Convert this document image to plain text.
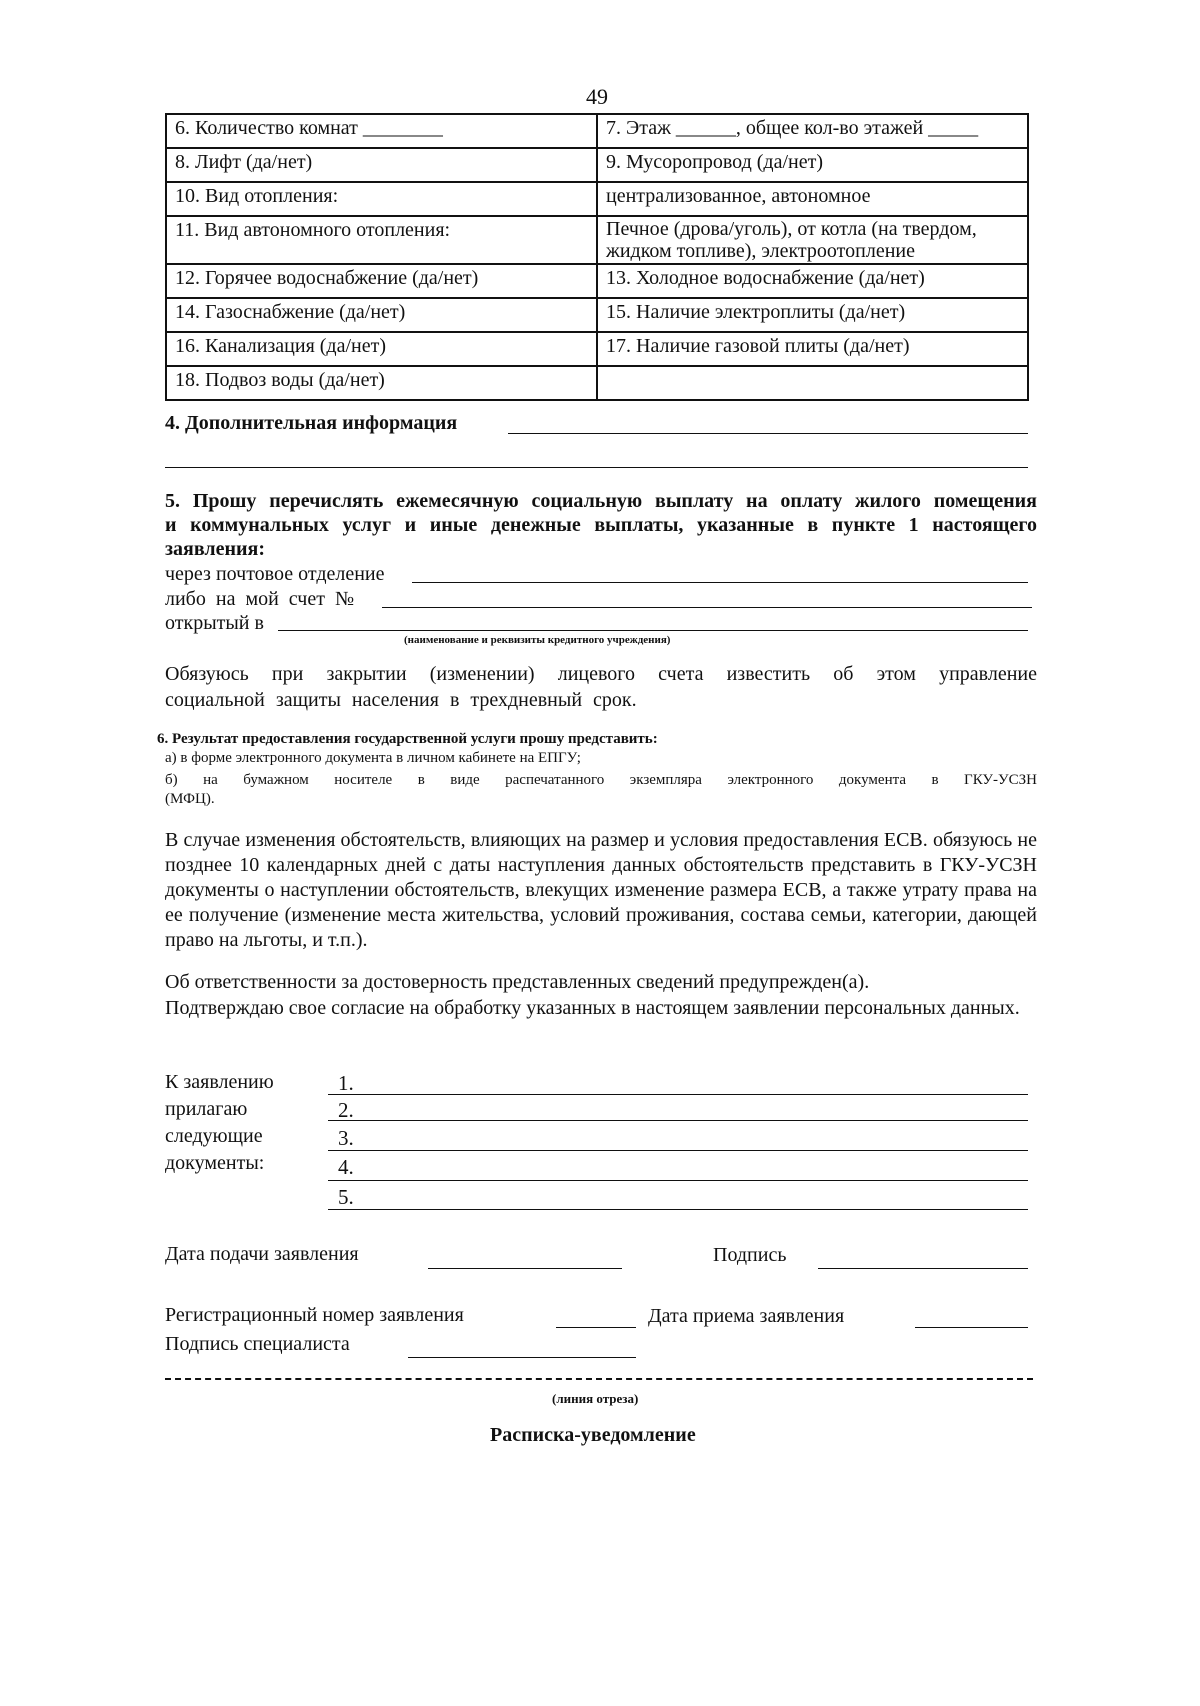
49
6. Количество комнат ________	7. Этаж ______, общее кол-во этажей _____
8. Лифт (да/нет)	9. Мусоропровод (да/нет)
10. Вид отопления:	централизованное, автономное
11. Вид автономного отопления:	Печное (дрова/уголь), от котла (на твердом, жидком топливе), электроотопление
12. Горячее водоснабжение (да/нет)	13. Холодное водоснабжение (да/нет)
14. Газоснабжение (да/нет)	15. Наличие электроплиты (да/нет)
16. Канализация (да/нет)	17. Наличие газовой плиты (да/нет)
18. Подвоз воды (да/нет)	
4. Дополнительная информация
5. Прошу перечислять ежемесячную социальную выплату на оплату жилого помещения и коммунальных услуг и иные денежные выплаты, указанные в пункте 1 настоящего заявления:
через почтовое отделение
либо на мой счет №
открытый в
(наименование и реквизиты кредитного учреждения)
Обязуюсь при закрытии (изменении) лицевого счета известить об этом управление социальной защиты населения в трехдневный срок.
6. Результат предоставления государственной услуги прошу представить:
а) в форме электронного документа в личном кабинете на ЕПГУ;
б) на бумажном носителе в виде распечатанного экземпляра электронного документа в ГКУ-УСЗН (МФЦ).
В случае изменения обстоятельств, влияющих на размер и условия предоставления ЕСВ. обязуюсь не позднее 10 календарных дней с даты наступления данных обстоятельств представить в ГКУ-УСЗН документы о наступлении обстоятельств, влекущих изменение размера ЕСВ, а также утрату права на ее получение (изменение места жительства, условий проживания, состава семьи, категории, дающей право на льготы, и т.п.).
Об ответственности за достоверность представленных сведений предупрежден(а).
Подтверждаю свое согласие на обработку указанных в настоящем заявлении персональных данных.
К заявлению
прилагаю
следующие
документы:
1.
2.
3.
4.
5.
Дата подачи заявления	Подпись
Регистрационный номер заявления	Дата приема заявления
Подпись специалиста
(линия отреза)
Расписка-уведомление
